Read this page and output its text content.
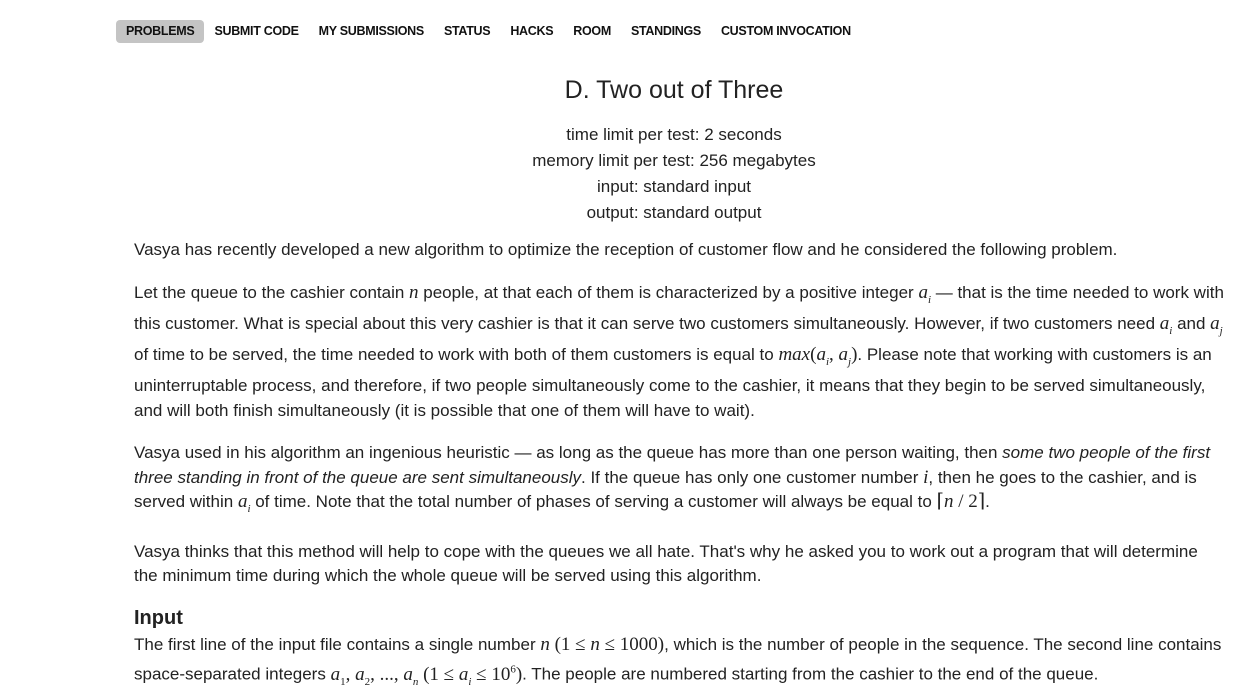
PROBLEMS	SUBMIT CODE	MY SUBMISSIONS	STATUS	HACKS	ROOM	STANDINGS	CUSTOM INVOCATION
D. Two out of Three
time limit per test: 2 seconds
memory limit per test: 256 megabytes
input: standard input
output: standard output

Vasya has recently developed a new algorithm to optimize the reception of customer flow and he considered the following problem.

Let the queue to the cashier contain n people, at that each of them is characterized by a positive integer $a_i$ — that is the time needed to work with this customer. What is special about this very cashier is that it can serve two customers simultaneously. However, if two customers need $a_i$ and $a_j$ of time to be served, the time needed to work with both of them customers is equal to $\max(a_i$, $a_j$). Please note that working with customers is an uninterruptable process, and therefore, if two people simultaneously come to the cashier, it means that they begin to be served simultaneously, and will both finish simultaneously (it is possible that one of them will have to wait).

Vasya used in his algorithm an ingenious heuristic — as long as the queue has more than one person waiting, then some two people of the first three standing in front of the queue are sent simultaneously. If the queue has only one customer number i, then he goes to the cashier, and is served within $a_i$ of time. Note that the total number of phases of serving a customer will always be equal to ⌈n / 2⌉.

Vasya thinks that this method will help to cope with the queues we all hate. That's why he asked you to work out a program that will determine the minimum time during which the whole queue will be served using this algorithm.

Input
The first line of the input file contains a single number n (1 ≤ n ≤ 1000), which is the number of people in the sequence. The second line contains space-separated integers $a_1$, $a_2$, ..., $a_n$ $(1 \le a_i \le 10^6)$. The people are numbered starting from the cashier to the end of the queue.
